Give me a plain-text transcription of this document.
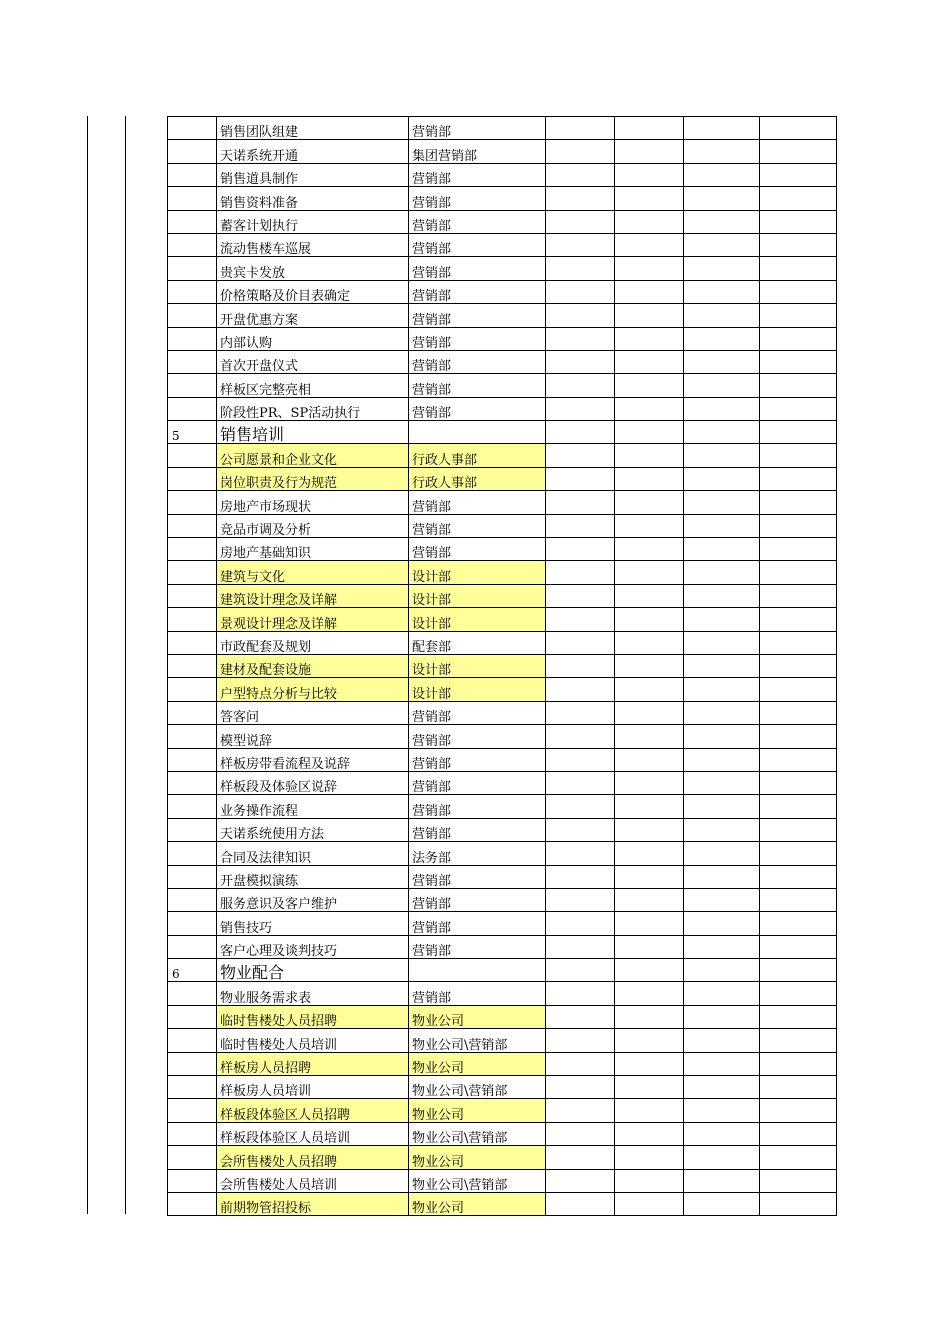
	销售团队组建	营销部				
	天诺系统开通	集团营销部				
	销售道具制作	营销部				
	销售资料准备	营销部				
	蓄客计划执行	营销部				
	流动售楼车巡展	营销部				
	贵宾卡发放	营销部				
	价格策略及价目表确定	营销部				
	开盘优惠方案	营销部				
	内部认购	营销部				
	首次开盘仪式	营销部				
	样板区完整亮相	营销部				
	阶段性PR、SP活动执行	营销部				
5	销售培训					
	公司愿景和企业文化	行政人事部				
	岗位职责及行为规范	行政人事部				
	房地产市场现状	营销部				
	竞品市调及分析	营销部				
	房地产基础知识	营销部				
	建筑与文化	设计部				
	建筑设计理念及详解	设计部				
	景观设计理念及详解	设计部				
	市政配套及规划	配套部				
	建材及配套设施	设计部				
	户型特点分析与比较	设计部				
	答客问	营销部				
	模型说辞	营销部				
	样板房带看流程及说辞	营销部				
	样板段及体验区说辞	营销部				
	业务操作流程	营销部				
	天诺系统使用方法	营销部				
	合同及法律知识	法务部				
	开盘模拟演练	营销部				
	服务意识及客户维护	营销部				
	销售技巧	营销部				
	客户心理及谈判技巧	营销部				
6	物业配合					
	物业服务需求表	营销部				
	临时售楼处人员招聘	物业公司				
	临时售楼处人员培训	物业公司\营销部				
	样板房人员招聘	物业公司				
	样板房人员培训	物业公司\营销部				
	样板段体验区人员招聘	物业公司				
	样板段体验区人员培训	物业公司\营销部				
	会所售楼处人员招聘	物业公司				
	会所售楼处人员培训	物业公司\营销部				
	前期物管招投标	物业公司				
